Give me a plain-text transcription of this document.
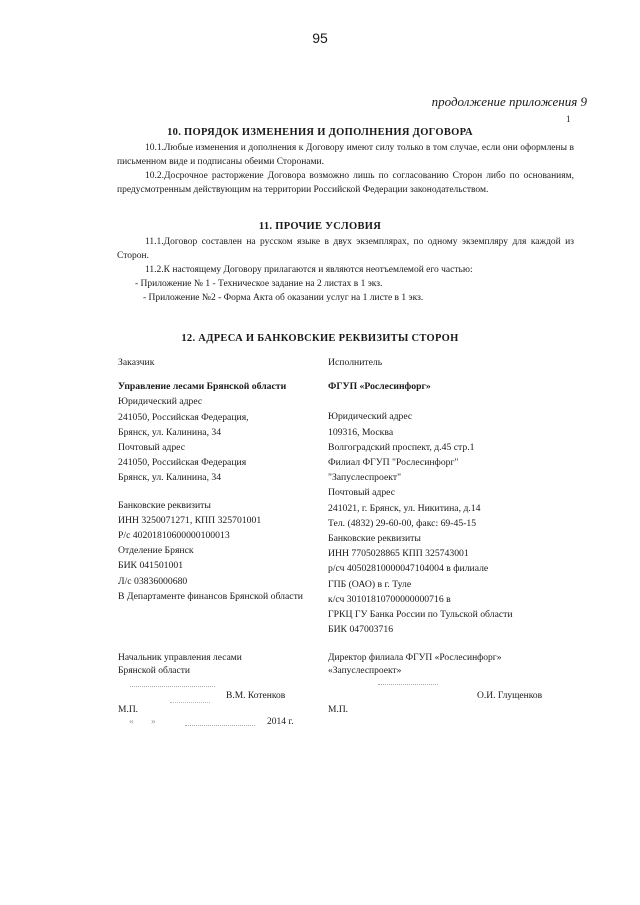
95
продолжение приложения 9
1
10. ПОРЯДОК ИЗМЕНЕНИЯ И ДОПОЛНЕНИЯ ДОГОВОРА

10.1.Любые изменения и дополнения к Договору имеют силу только в том случае, если они оформлены в письменном виде и подписаны обеими Сторонами.

10.2.Досрочное расторжение Договора возможно лишь по согласованию Сторон либо по основаниям, предусмотренным действующим на территории Российской Федерации законодательством.

11. ПРОЧИЕ УСЛОВИЯ

11.1.Договор составлен на русском языке в двух экземплярах, по одному экземпляру для каждой из Сторон.

11.2.К настоящему Договору прилагаются и являются неотъемлемой его частью:

- Приложение № 1 - Техническое задание на 2 листах в 1 экз.

- Приложение №2 - Форма Акта об оказании услуг на 1 листе в 1 экз.

12. АДРЕСА И БАНКОВСКИЕ РЕКВИЗИТЫ СТОРОН
Заказчик
Управление лесами Брянской области
Юридический адрес
241050, Российская Федерация,
Брянск, ул. Калинина, 34
Почтовый адрес
241050, Российская Федерация
Брянск, ул. Калинина, 34
Банковские реквизиты
ИНН 3250071271, КПП 325701001
Р/с 40201810600000100013
Отделение Брянск
БИК 041501001
Л/с 03836000680
В Департаменте финансов Брянской области
Исполнитель
ФГУП «Рослесинфорг»
Юридический адрес
109316, Москва
Волгоградский проспект, д.45 стр.1
Филиал ФГУП "Рослесинфорг"
"Запуслеспроект"
Почтовый адрес
241021, г. Брянск, ул. Никитина, д.14
Тел. (4832) 29-60-00, факс: 69-45-15
Банковские реквизиты
ИНН 7705028865 КПП 325743001
р/сч 40502810000047104004 в филиале
ГПБ (ОАО) в г. Туле
к/сч 30101810700000000716 в
ГРКЦ ГУ Банка России по Тульской области
БИК 047003716
Начальник управления лесами
Брянской области
В.М. Котенков
М.П.
« »	2014 г.
Директор филиала ФГУП «Рослесинфорг»
«Запуслеспроект»
О.И. Глущенков
М.П.
